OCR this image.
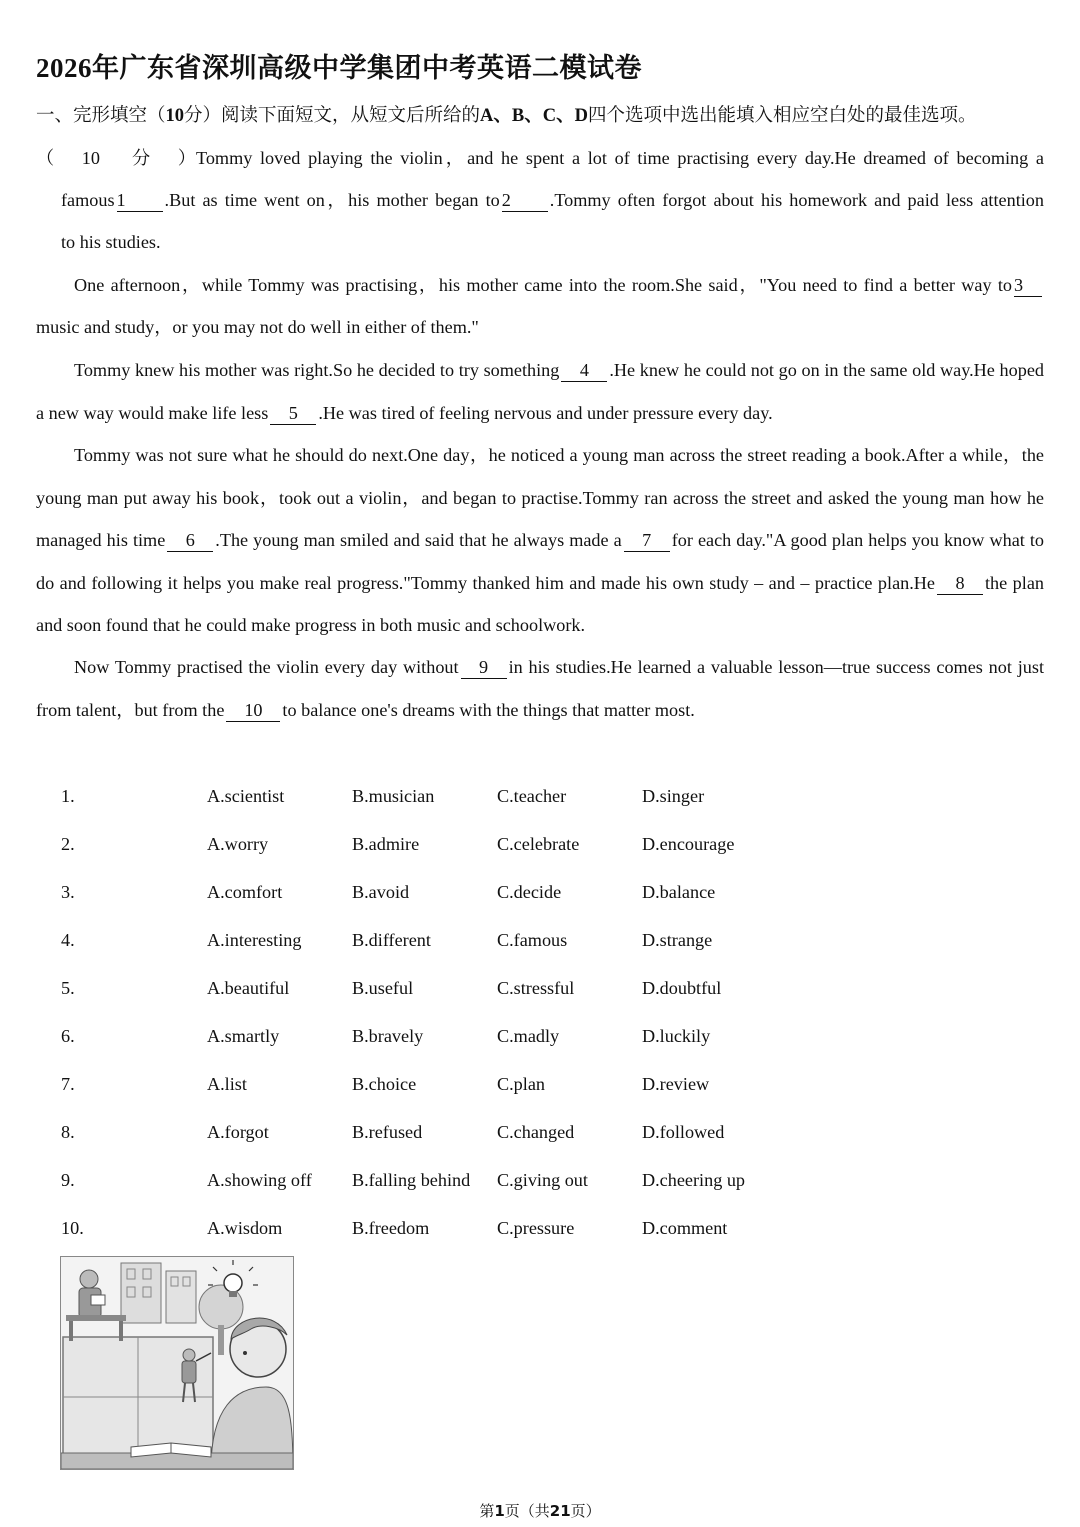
2026年广东省深圳高级中学集团中考英语二模试卷
一、完形填空（10分）阅读下面短文，从短文后所给的A、B、C、D四个选项中选出能填入相应空白处的最佳选项。
（10 分）Tommy loved playing the violin，and he spent a lot of time practising every day.He dreamed of becoming a
famous 1 .But as time went on，his mother began to 2 .Tommy often forgot about his homework and paid less attention
to his studies.
One afternoon，while Tommy was practising，his mother came into the room.She said，"You need to find a better way to 3
music and study，or you may not do well in either of them."
Tommy knew his mother was right.So he decided to try something 4 .He knew he could not go on in the same old way.He hoped a new way would make life less 5 .He was tired of feeling nervous and under pressure every day.
Tommy was not sure what he should do next.One day，he noticed a young man across the street reading a book.After a while，the young man put away his book，took out a violin，and began to practise.Tommy ran across the street and asked the young man how he managed his time 6 .The young man smiled and said that he always made a 7 for each day."A good plan helps you know what to do and following it helps you make real progress."Tommy thanked him and made his own study – and – practice plan.He 8 the plan and soon found that he could make progress in both music and schoolwork.
Now Tommy practised the violin every day without 9 in his studies.He learned a valuable lesson—true success comes not just from talent，but from the 10 to balance one's dreams with the things that matter most.
1.	A.scientist	B.musician	C.teacher	D.singer
2.	A.worry	B.admire	C.celebrate	D.encourage
3.	A.comfort	B.avoid	C.decide	D.balance
4.	A.interesting	B.different	C.famous	D.strange
5.	A.beautiful	B.useful	C.stressful	D.doubtful
6.	A.smartly	B.bravely	C.madly	D.luckily
7.	A.list	B.choice	C.plan	D.review
8.	A.forgot	B.refused	C.changed	D.followed
9.	A.showing off B.falling behind C.giving out	D.cheering up
10.	A.wisdom	B.freedom	C.pressure	D.comment
第1页（共21页）
